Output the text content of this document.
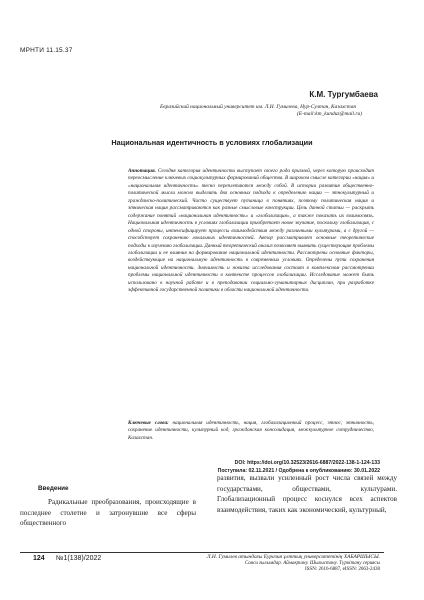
МРНТИ 11.15.37
К.М. Тургумбаева
Евразийский национальный университет им. Л.Н. Гумилева, Нур-Султан, Казахстан
(E-mail:km_kunduz@mail.ru)
Национальная идентичность в условиях глобализации
Аннотация. Сегодня категория идентичности выступает своего рода призмой, через которую происходит переосмысление ключевых социокультурных формирований общества. В широком смысле категории «нация» и «национальная идентичность» тесно переплетаются между собой. В истории развития общественно-политической мысли можно выделить два основных подхода к определению нации — этнокультурный и гражданско-политический. Часто существует путаница в понятиях, поэтому политическая нация и этническая нация рассматриваются как разные смысловые конструкции. Цель данной статьи — раскрыть содержание понятий «национальная идентичность» и «глобализация», а также показать их взаимосвязь. Национальная идентичность в условиях глобализации приобретает новое звучание, поскольку глобализация, с одной стороны, интенсифицирует процессы взаимодействия между различными культурами, а с другой — способствует сохранению локальных идентичностей. Автор рассматривает основные теоретические подходы к изучению глобализации. Данный теоретический анализ позволяет выявить существующие проблемы глобализации и ее влияния на формирование национальной идентичности. Рассмотрены основные факторы, воздействующие на национальную идентичность в современных условиях. Определены пути сохранения национальной идентичности. Значимость и новизна исследования состоит в комплексном рассмотрении проблемы национальной идентичности в контексте процессов глобализации. Исследование может быть использовано в научной работе и в преподавании социально-гуманитарных дисциплин, при разработке эффективной государственной политики в области национальной идентичности.
Ключевые слова: национальная идентичность, нация, глобализационный процесс, этнос, этничность, сохранение идентичности, культурный код, гражданская консолидация, межкультурное сотрудничество, Казахстан.
DOI: https://doi.org/10.32523/2616-6887/2022-138-1-124-133
Поступила: 02.11.2021 / Одобрена к опубликованию: 30.01.2022
Введение
Радикальные преобразования, происходящие в последнее столетие и затронувшие все сферы общественного
развития, вызвали усиленный рост числа связей между государствами, обществами, культурами. Глобализационный процесс коснулся всех аспектов взаимодействия, таких как экономический, культурный,
124 №1(138)/2022	Л.Н. Гумилев атындағы Еуразия ұлттық университетінің ХАБАРШЫСЫ.
Саяси ғылымдар. Аймақтану. Шығыстану. Түркітану сериясы
ISSN: 2616-6887, eISSN: 2663-2438
